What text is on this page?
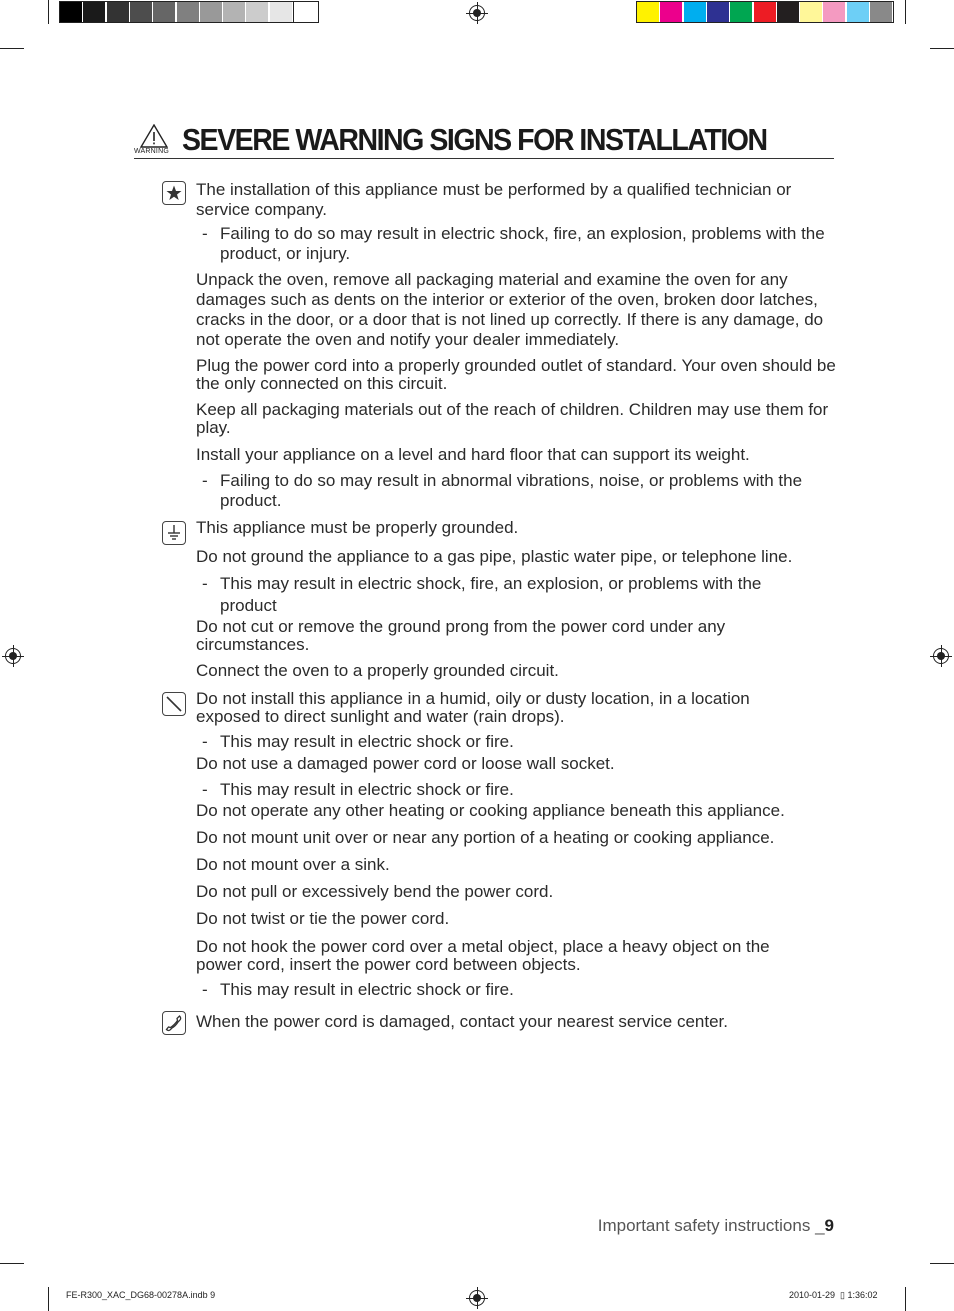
WARNING SEVERE WARNING SIGNS FOR INSTALLATION

The installation of this appliance must be performed by a qualified technician or service company.

- Failing to do so may result in electric shock, fire, an explosion, problems with the product, or injury.

Unpack the oven, remove all packaging material and examine the oven for any damages such as dents on the interior or exterior of the oven, broken door latches, cracks in the door, or a door that is not lined up correctly. If there is any damage, do not operate the oven and notify your dealer immediately.

Plug the power cord into a properly grounded outlet of standard. Your oven should be the only connected on this circuit.

Keep all packaging materials out of the reach of children. Children may use them for play.

Install your appliance on a level and hard floor that can support its weight.

- Failing to do so may result in abnormal vibrations, noise, or problems with the product.

This appliance must be properly grounded.

Do not ground the appliance to a gas pipe, plastic water pipe, or telephone line.

- This may result in electric shock, fire, an explosion, or problems with the product

Do not cut or remove the ground prong from the power cord under any circumstances.

Connect the oven to a properly grounded circuit.

Do not install this appliance in a humid, oily or dusty location, in a location exposed to direct sunlight and water (rain drops).

- This may result in electric shock or fire.

Do not use a damaged power cord or loose wall socket.

- This may result in electric shock or fire.

Do not operate any other heating or cooking appliance beneath this appliance.

Do not mount unit over or near any portion of a heating or cooking appliance.

Do not mount over a sink.

Do not pull or excessively bend the power cord.

Do not twist or tie the power cord.

Do not hook the power cord over a metal object, place a heavy object on the power cord, insert the power cord between objects.

- This may result in electric shock or fire.

When the power cord is damaged, contact your nearest service center.

Important safety instructions _9
FE-R300_XAC_DG68-00278A.indb 9	2010-01-29  ▯ 1:36:02
